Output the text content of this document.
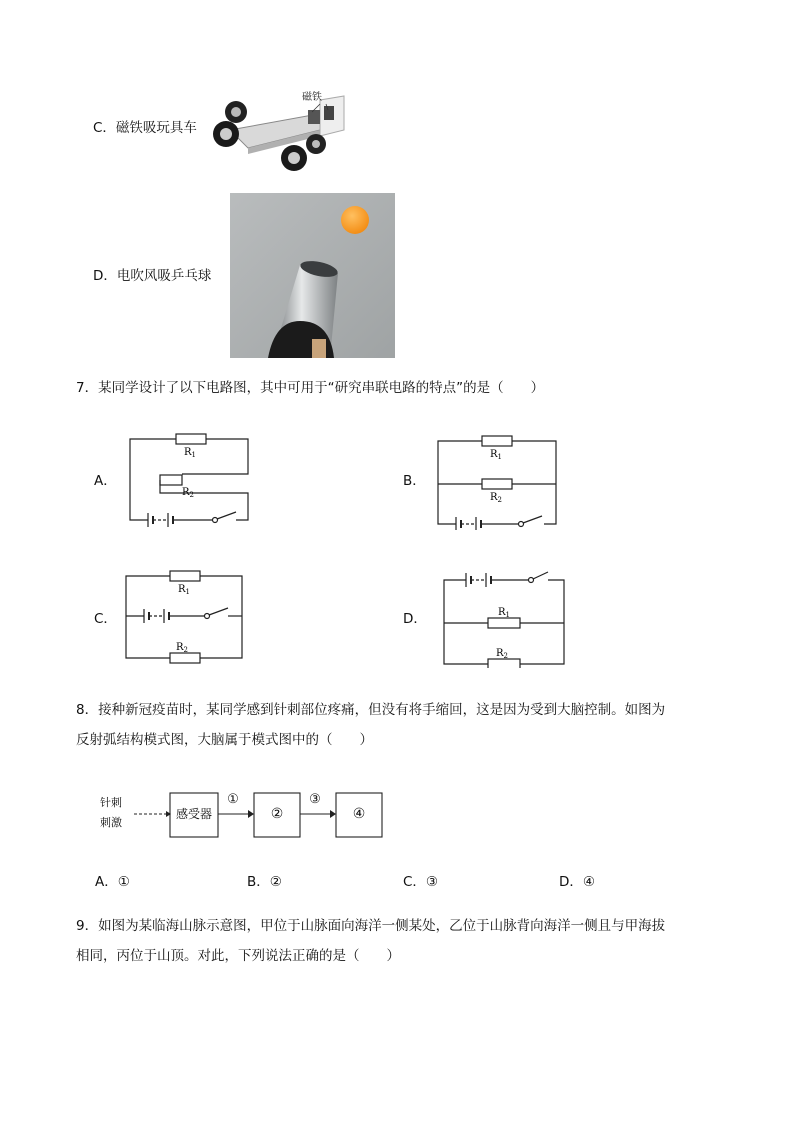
C．磁铁吸玩具车
磁铁
D．电吹风吸乒乓球
7．某同学设计了以下电路图，其中可用于“研究串联电路的特点”的是（　　）
A．	B．
C．	D．
$R_1$
$R_2$
$R_1$
$R_2$
$R_1$
$R_2$
$R_1$
$R_2$
8．接种新冠疫苗时，某同学感到针刺部位疼痛，但没有将手缩回，这是因为受到大脑控制。如图为
反射弧结构模式图，大脑属于模式图中的（　　）
针刺
刺激
感受器
①
②
③
④
A．①	B．②	C．③	D．④
9．如图为某临海山脉示意图，甲位于山脉面向海洋一侧某处，乙位于山脉背向海洋一侧且与甲海拔
相同，丙位于山顶。对此，下列说法正确的是（　　）
